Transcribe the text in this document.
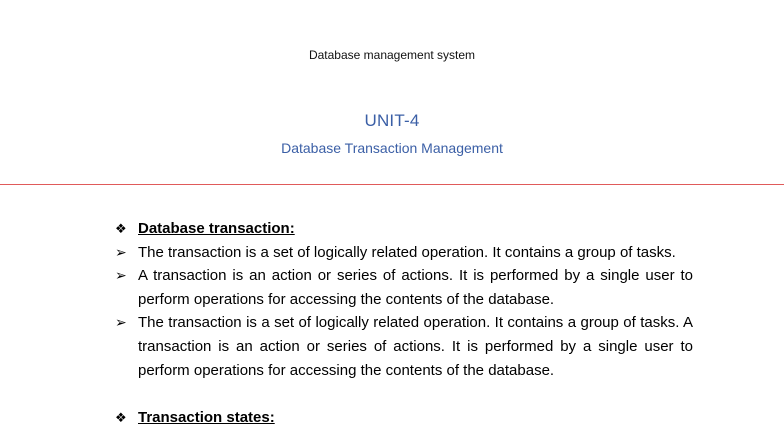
Database management system
UNIT-4
Database Transaction Management
❖ Database transaction:
➢ The transaction is a set of logically related operation. It contains a group of tasks.
➢ A transaction is an action or series of actions. It is performed by a single user to perform operations for accessing the contents of the database.
➢ The transaction is a set of logically related operation. It contains a group of tasks. A transaction is an action or series of actions. It is performed by a single user to perform operations for accessing the contents of the database.
❖ Transaction states:
